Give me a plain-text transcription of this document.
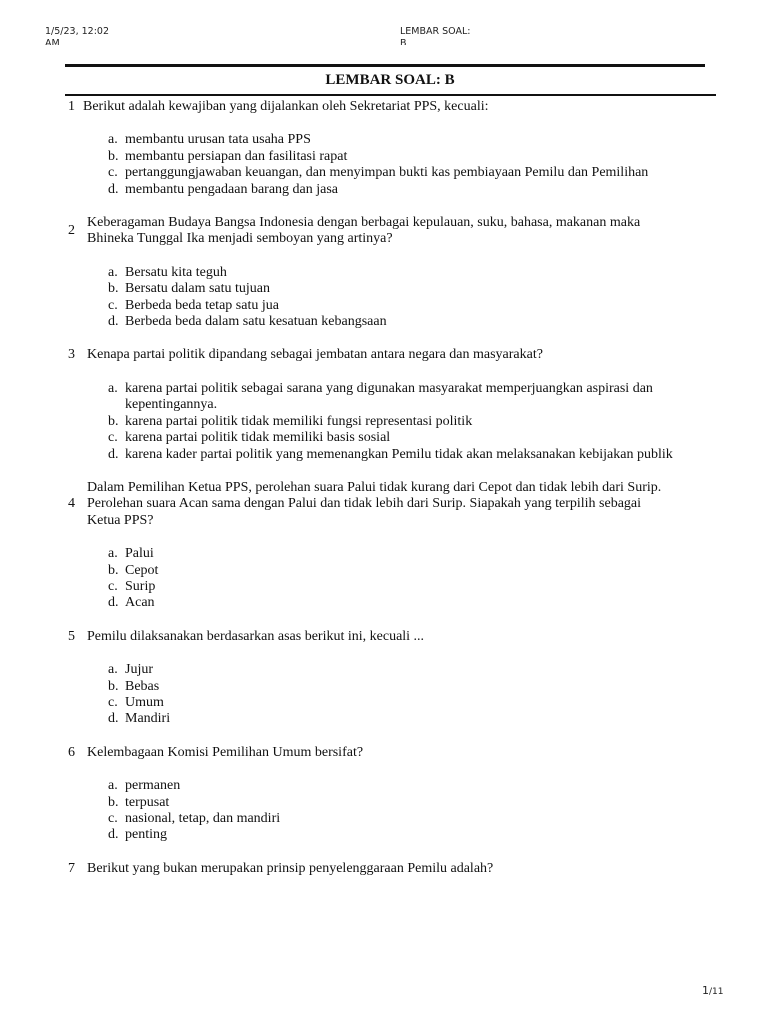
1/5/23, 12:02
AM
LEMBAR SOAL:
B
LEMBAR SOAL: B
1 Berikut adalah kewajiban yang dijalankan oleh Sekretariat PPS, kecuali:
a. membantu urusan tata usaha PPS
b. membantu persiapan dan fasilitasi rapat
c. pertanggungjawaban keuangan, dan menyimpan bukti kas pembiayaan Pemilu dan Pemilihan
d. membantu pengadaan barang dan jasa
2
Keberagaman Budaya Bangsa Indonesia dengan berbagai kepulauan, suku, bahasa, makanan maka Bhineka Tunggal Ika menjadi semboyan yang artinya?
a. Bersatu kita teguh
b. Bersatu dalam satu tujuan
c. Berbeda beda tetap satu jua
d. Berbeda beda dalam satu kesatuan kebangsaan
3 Kenapa partai politik dipandang sebagai jembatan antara negara dan masyarakat?
a. karena partai politik sebagai sarana yang digunakan masyarakat memperjuangkan aspirasi dan kepentingannya.
b. karena partai politik tidak memiliki fungsi representasi politik
c. karena partai politik tidak memiliki basis sosial
d. karena kader partai politik yang memenangkan Pemilu tidak akan melaksanakan kebijakan publik
4
Dalam Pemilihan Ketua PPS, perolehan suara Palui tidak kurang dari Cepot dan tidak lebih dari Surip. Perolehan suara Acan sama dengan Palui dan tidak lebih dari Surip. Siapakah yang terpilih sebagai Ketua PPS?
a. Palui
b. Cepot
c. Surip
d. Acan
5 Pemilu dilaksanakan berdasarkan asas berikut ini, kecuali ...
a. Jujur
b. Bebas
c. Umum
d. Mandiri
6 Kelembagaan Komisi Pemilihan Umum bersifat?
a. permanen
b. terpusat
c. nasional, tetap, dan mandiri
d. penting
7 Berikut yang bukan merupakan prinsip penyelenggaraan Pemilu adalah?
1/11
